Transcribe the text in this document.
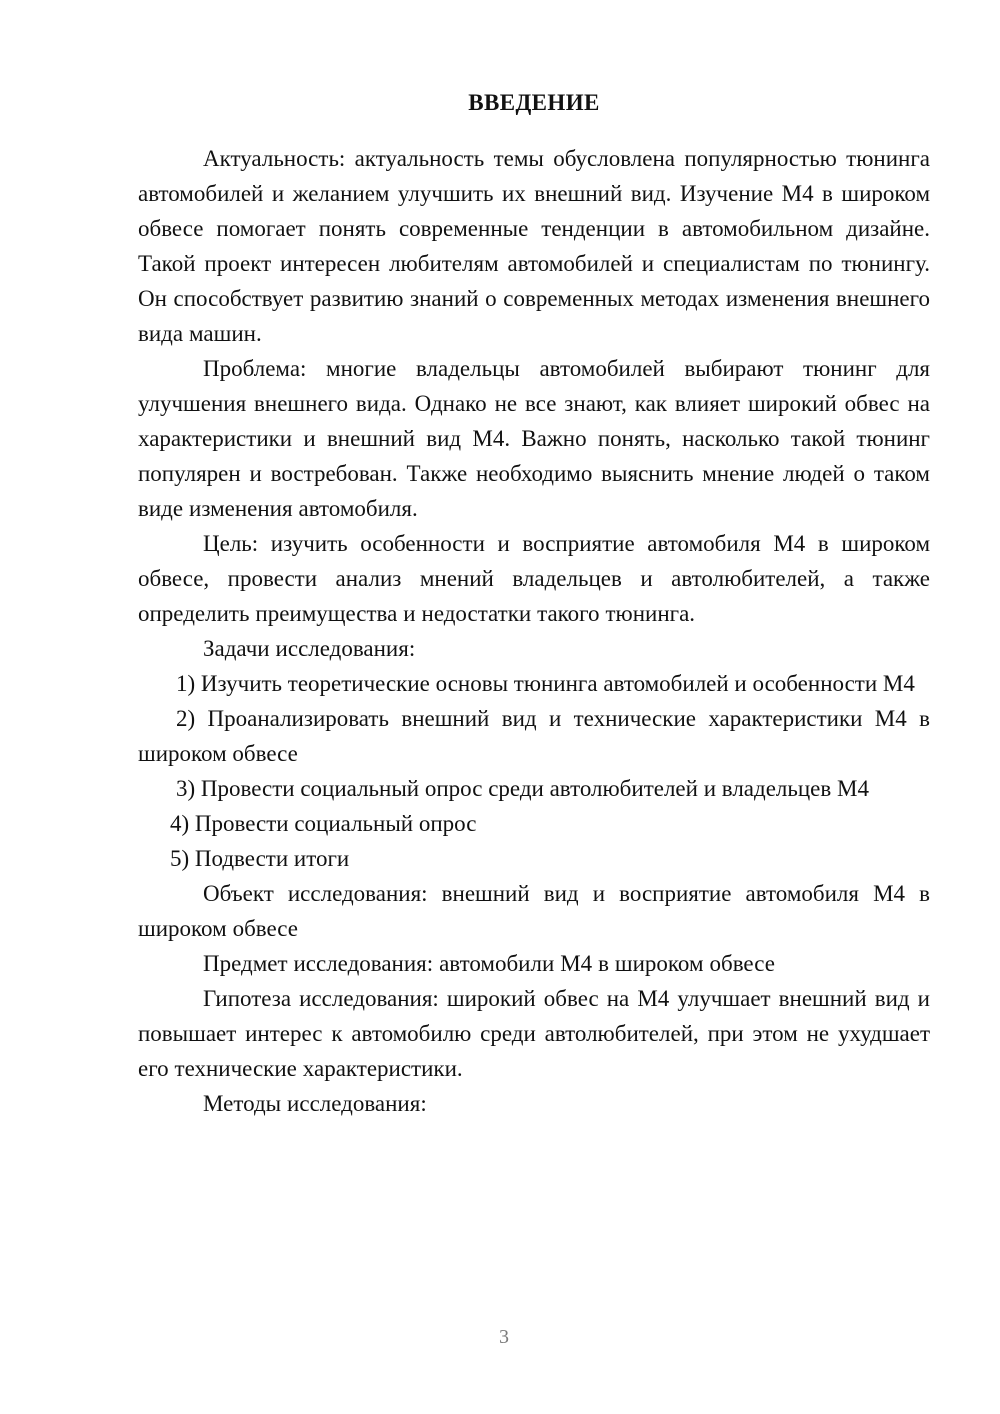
ВВЕДЕНИЕ

Актуальность: актуальность темы обусловлена популярностью тюнинга автомобилей и желанием улучшить их внешний вид. Изучение M4 в широком обвесе помогает понять современные тенденции в автомобильном дизайне. Такой проект интересен любителям автомобилей и специалистам по тюнингу. Он способствует развитию знаний о современных методах изменения внешнего вида машин.

Проблема: многие владельцы автомобилей выбирают тюнинг для улучшения внешнего вида. Однако не все знают, как влияет широкий обвес на характеристики и внешний вид M4. Важно понять, насколько такой тюнинг популярен и востребован. Также необходимо выяснить мнение людей о таком виде изменения автомобиля.

Цель: изучить особенности и восприятие автомобиля M4 в широком обвесе, провести анализ мнений владельцев и автолюбителей, а также определить преимущества и недостатки такого тюнинга.

Задачи исследования:

1) Изучить теоретические основы тюнинга автомобилей и особенности M4

2) Проанализировать внешний вид и технические характеристики M4 в широком обвесе

3) Провести социальный опрос среди автолюбителей и владельцев M4

4) Провести социальный опрос

5) Подвести итоги

Объект исследования: внешний вид и восприятие автомобиля M4 в широком обвесе

Предмет исследования: автомобили M4 в широком обвесе

Гипотеза исследования: широкий обвес на M4 улучшает внешний вид и повышает интерес к автомобилю среди автолюбителей, при этом не ухудшает его технические характеристики.

Методы исследования:

3
